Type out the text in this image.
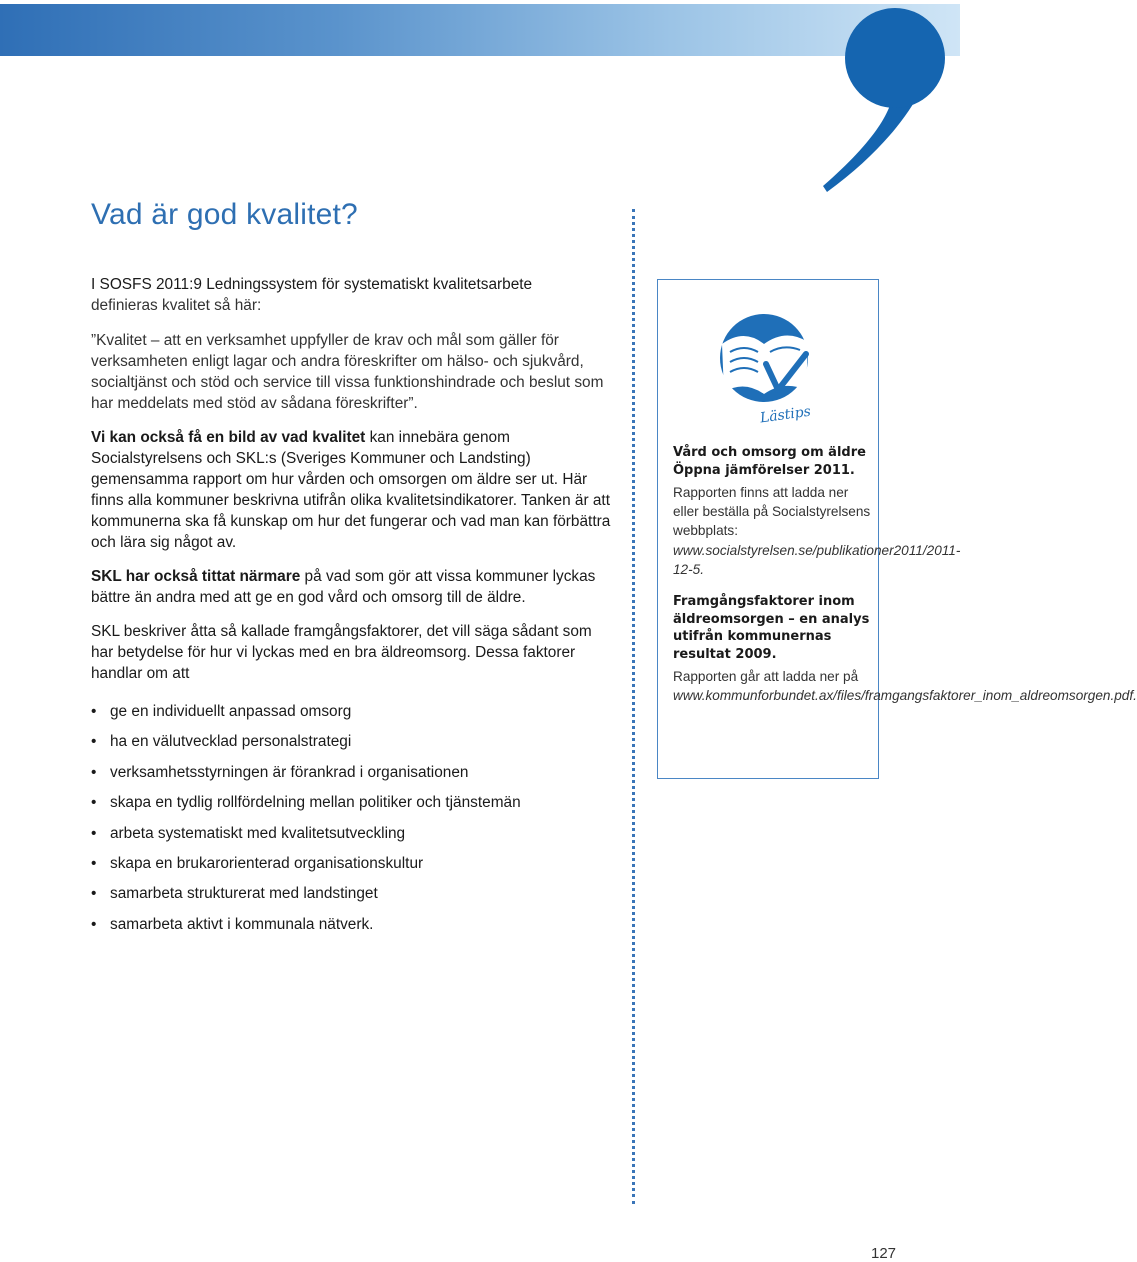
Vad är god kvalitet?

I SOSFS 2011:9 Ledningssystem för systematiskt kvalitetsarbete

definieras kvalitet så här:

”Kvalitet – att en verksamhet uppfyller de krav och mål som gäller för verksamheten enligt lagar och andra föreskrifter om hälso- och sjukvård, socialtjänst och stöd och service till vissa funktionshindrade och beslut som har meddelats med stöd av sådana föreskrifter”.

Vi kan också få en bild av vad kvalitet kan innebära genom Socialstyrelsens och SKL:s (Sveriges Kommuner och Landsting) gemensamma rapport om hur vården och omsorgen om äldre ser ut. Här finns alla kommuner beskrivna utifrån olika kvalitetsindikatorer. Tanken är att kommunerna ska få kunskap om hur det fungerar och vad man kan förbättra och lära sig något av.

SKL har också tittat närmare på vad som gör att vissa kommuner lyckas bättre än andra med att ge en god vård och omsorg till de äldre.

SKL beskriver åtta så kallade framgångsfaktorer, det vill säga sådant som har betydelse för hur vi lyckas med en bra äldreomsorg. Dessa faktorer handlar om att

• ge en individuellt anpassad omsorg
• ha en välutvecklad personalstrategi
• verksamhetsstyrningen är förankrad i organisationen
• skapa en tydlig rollfördelning mellan politiker och tjänstemän
• arbeta systematiskt med kvalitetsutveckling
• skapa en brukarorienterad organisationskultur
• samarbeta strukturerat med landstinget
• samarbeta aktivt i kommunala nätverk.
Lästips

Vård och omsorg om äldre Öppna jämförelser 2011.

Rapporten finns att ladda ner eller beställa på Socialstyrelsens webbplats: www.socialstyrelsen.se/publikationer2011/2011-12-5.

Framgångsfaktorer inom äldreomsorgen – en analys utifrån kommunernas resultat 2009.

Rapporten går att ladda ner på www.kommunforbundet.ax/files/framgangsfaktorer_inom_aldreomsorgen.pdf.

127
